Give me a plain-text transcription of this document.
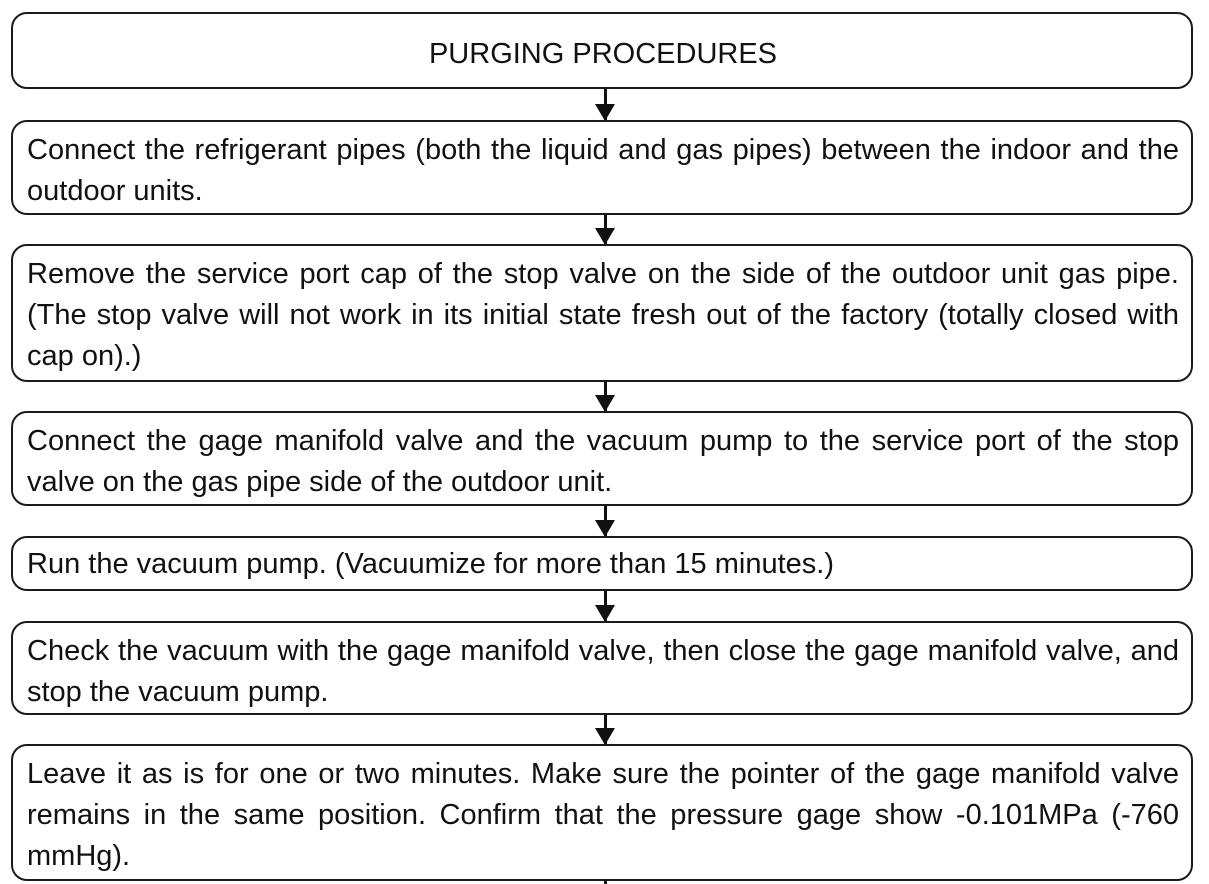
PURGING PROCEDURES
Connect the refrigerant pipes (both the liquid and gas pipes) between the indoor and the outdoor units.
Remove the service port cap of the stop valve on the side of the outdoor unit gas pipe. (The stop valve will not work in its initial state fresh out of the factory (totally closed with cap on).)
Connect the gage manifold valve and the vacuum pump to the service port of the stop valve on the gas pipe side of the outdoor unit.
Run the vacuum pump. (Vacuumize for more than 15 minutes.)
Check the vacuum with the gage manifold valve, then close the gage manifold valve, and stop the vacuum pump.
Leave it as is for one or two minutes. Make sure the pointer of the gage manifold valve remains in the same position. Confirm that the pressure gage show -0.101MPa (-760 mmHg).
